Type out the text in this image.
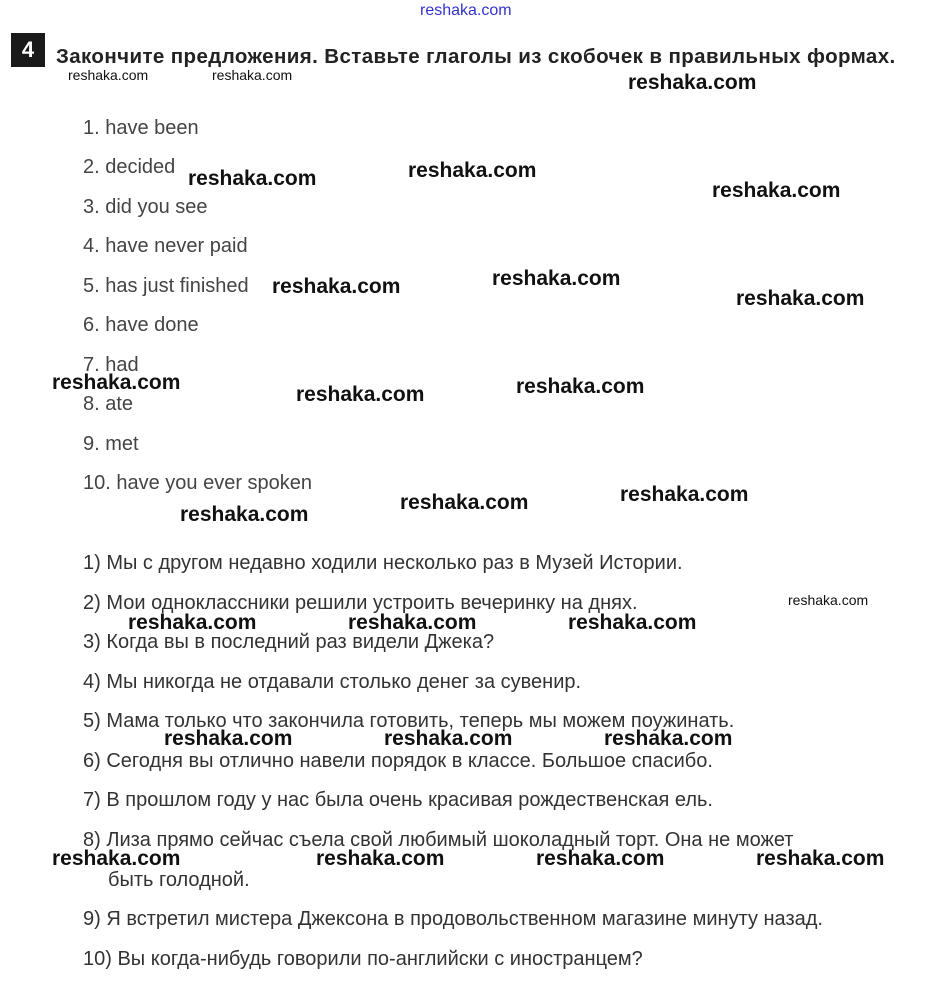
4	Закончите предложения. Вставьте глаголы из скобочек в правильных формах.
1. have been
2. decided
3. did you see
4. have never paid
5. has just finished
6. have done
7. had
8. ate
9. met
10. have you ever spoken
1) Мы с другом недавно ходили несколько раз в Музей Истории.
2) Мои одноклассники решили устроить вечеринку на днях.
3) Когда вы в последний раз видели Джека?
4) Мы никогда не отдавали столько денег за сувенир.
5) Мама только что закончила готовить, теперь мы можем поужинать.
6) Сегодня вы отлично навели порядок в классе. Большое спасибо.
7) В прошлом году у нас была очень красивая рождественская ель.
8) Лиза прямо сейчас съела свой любимый шоколадный торт. Она не может
быть голодной.
9) Я встретил мистера Джексона в продовольственном магазине минуту назад.
10) Вы когда-нибудь говорили по-английски с иностранцем?
reshaka.com
reshaka.com	reshaka.com
reshaka.com
reshaka.com	reshaka.com
reshaka.com
reshaka.com
reshaka.com	reshaka.com
reshaka.com
reshaka.com	reshaka.com
reshaka.com	reshaka.com	reshaka.com
reshaka.com	reshaka.com	reshaka.com
reshaka.com	reshaka.com	reshaka.com	reshaka.com
reshaka.com	reshaka.com
reshaka.com
reshaka.com
